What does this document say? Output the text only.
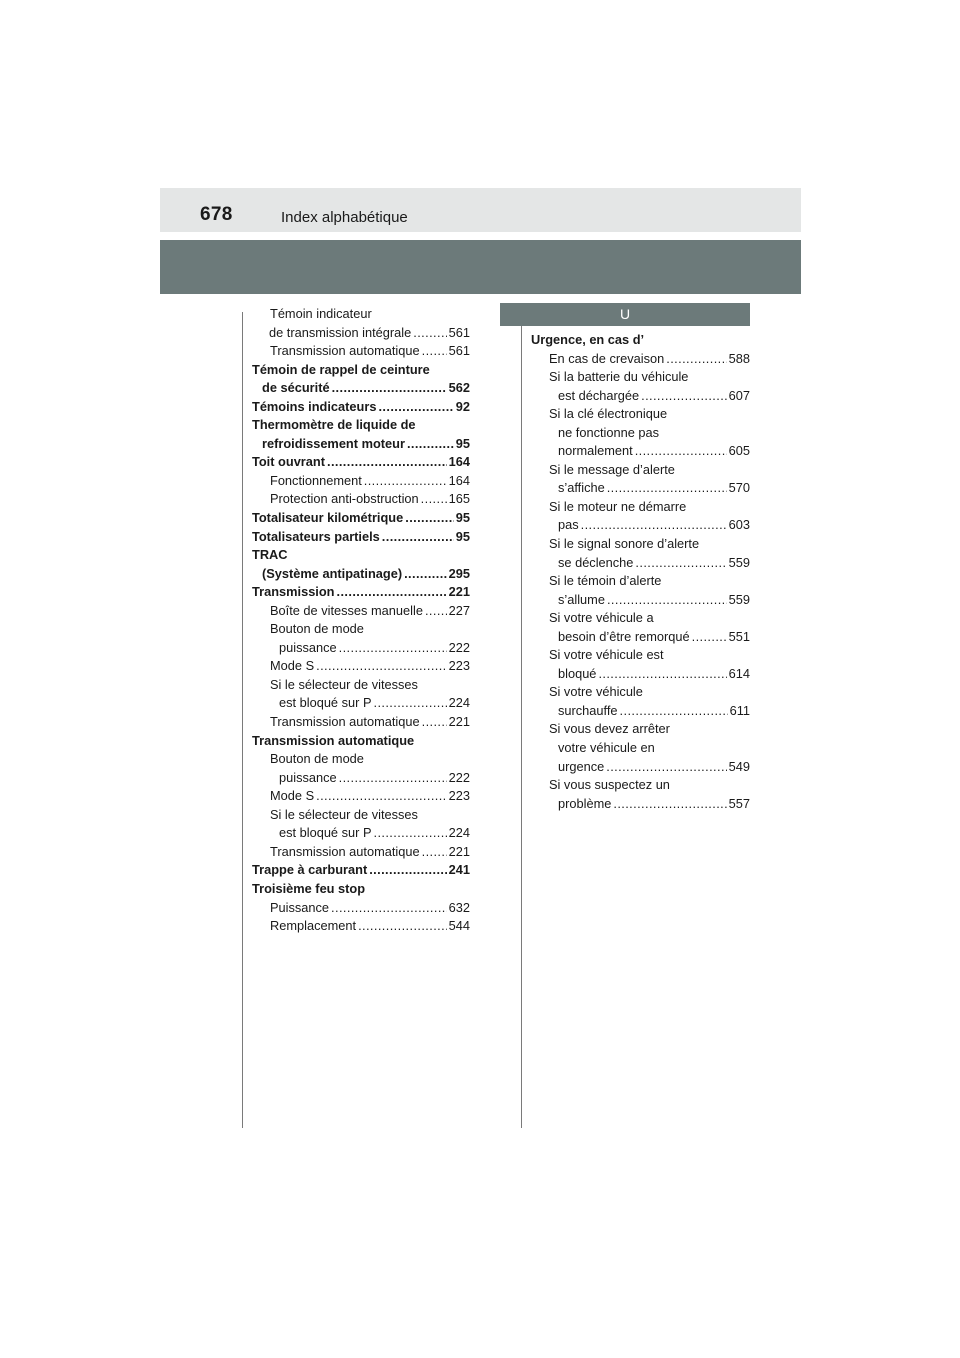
678	Index alphabétique
Témoin indicateur
de transmission intégrale .....	561
Transmission automatique ..... 561
Témoin de rappel de ceinture
de sécurité .....	562
Témoins indicateurs .....	92
Thermomètre de liquide de
refroidissement moteur .....	95
Toit ouvrant .....	164
Fonctionnement .....	164
Protection anti-obstruction ..... 165
Totalisateur kilométrique .....	95
Totalisateurs partiels .....	95
TRAC
(Système antipatinage) .....	295
Transmission .....	221
Boîte de vitesses manuelle ..... 227
Bouton de mode
puissance .....	222
Mode S .....	223
Si le sélecteur de vitesses
est bloqué sur P .....	224
Transmission automatique ..... 221
Transmission automatique
Bouton de mode
puissance .....	222
Mode S .....	223
Si le sélecteur de vitesses
est bloqué sur P .....	224
Transmission automatique ..... 221
Trappe à carburant .....	241
Troisième feu stop
Puissance .....	632
Remplacement .....	544
U
Urgence, en cas d’
En cas de crevaison .....	588
Si la batterie du véhicule
est déchargée .....	607
Si la clé électronique
ne fonctionne pas
normalement .....	605
Si le message d’alerte
s’affiche .....	570
Si le moteur ne démarre
pas .....	603
Si le signal sonore d’alerte
se déclenche .....	559
Si le témoin d’alerte
s’allume .....	559
Si votre véhicule a
besoin d’être remorqué .....	551
Si votre véhicule est
bloqué .....	614
Si votre véhicule
surchauffe .....	611
Si vous devez arrêter
votre véhicule en
urgence .....	549
Si vous suspectez un
problème .....	557
